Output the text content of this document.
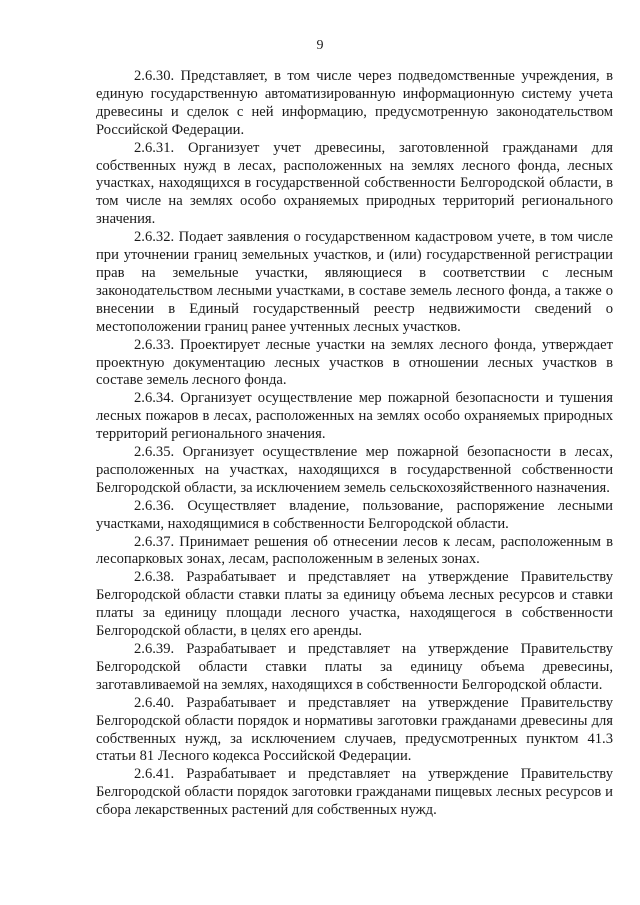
9

2.6.30. Представляет, в том числе через подведомственные учреждения, в единую государственную автоматизированную информационную систему учета древесины и сделок с ней информацию, предусмотренную законодательством Российской Федерации.

2.6.31. Организует учет древесины, заготовленной гражданами для собственных нужд в лесах, расположенных на землях лесного фонда, лесных участках, находящихся в государственной собственности Белгородской области, в том числе на землях особо охраняемых природных территорий регионального значения.

2.6.32. Подает заявления о государственном кадастровом учете, в том числе при уточнении границ земельных участков, и (или) государственной регистрации прав на земельные участки, являющиеся в соответствии с лесным законодательством лесными участками, в составе земель лесного фонда, а также о внесении в Единый государственный реестр недвижимости сведений о местоположении границ ранее учтенных лесных участков.

2.6.33. Проектирует лесные участки на землях лесного фонда, утверждает проектную документацию лесных участков в отношении лесных участков в составе земель лесного фонда.

2.6.34. Организует осуществление мер пожарной безопасности и тушения лесных пожаров в лесах, расположенных на землях особо охраняемых природных территорий регионального значения.

2.6.35. Организует осуществление мер пожарной безопасности в лесах, расположенных на участках, находящихся в государственной собственности Белгородской области, за исключением земель сельскохозяйственного назначения.

2.6.36. Осуществляет владение, пользование, распоряжение лесными участками, находящимися в собственности Белгородской области.

2.6.37. Принимает решения об отнесении лесов к лесам, расположенным в лесопарковых зонах, лесам, расположенным в зеленых зонах.

2.6.38. Разрабатывает и представляет на утверждение Правительству Белгородской области ставки платы за единицу объема лесных ресурсов и ставки платы за единицу площади лесного участка, находящегося в собственности Белгородской области, в целях его аренды.

2.6.39. Разрабатывает и представляет на утверждение Правительству Белгородской области ставки платы за единицу объема древесины, заготавливаемой на землях, находящихся в собственности Белгородской области.

2.6.40. Разрабатывает и представляет на утверждение Правительству Белгородской области порядок и нормативы заготовки гражданами древесины для собственных нужд, за исключением случаев, предусмотренных пунктом 41.3 статьи 81 Лесного кодекса Российской Федерации.

2.6.41. Разрабатывает и представляет на утверждение Правительству Белгородской области порядок заготовки гражданами пищевых лесных ресурсов и сбора лекарственных растений для собственных нужд.
